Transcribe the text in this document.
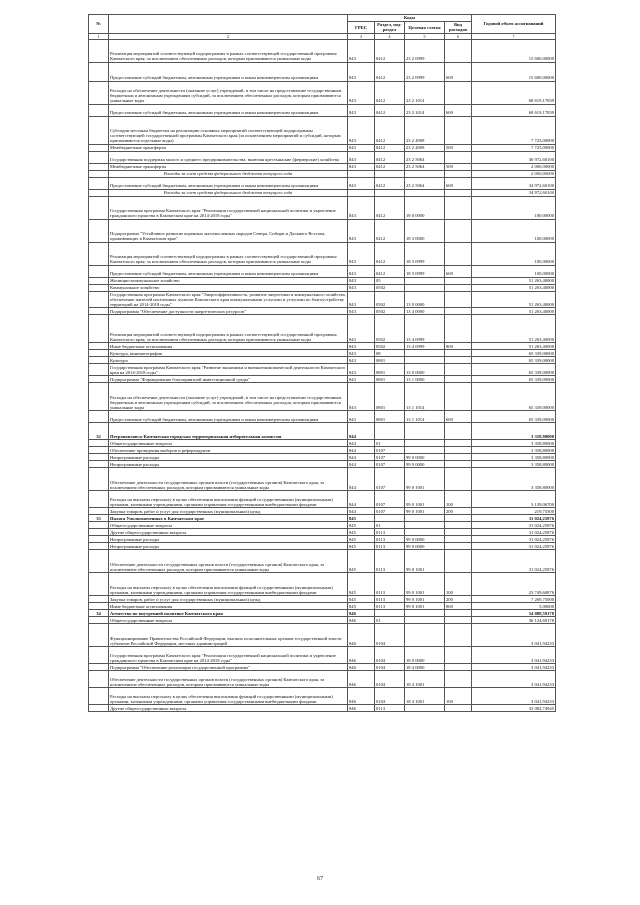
№		Коды				Годовой объем ассигнований
		ГРБС	Раздел, под-раздел	Целевая статья	Вид расходов	
1	2	3	4	5	6	7
	Реализация мероприятий соответствующей подпрограммы в рамках соответствующей государственной программы Камчатского края, за исключением обеспеченных расходов, которым присваиваются уникальные коды	843	0412	23 2 0999		15 600,00000
	Предоставление субсидий бюджетным, автономным учреждениям и иным некоммерческим организациям	843	0412	23 2 0999	600	15 600,00000
	Расходы на обеспечение деятельности (оказание услуг) учреждений, в том числе на предоставление государственным бюджетным и автономным учреждениям субсидий, за исключением обеспеченных расходов, которым присваиваются уникальные коды	843	0412	23 2 1014		68 619,17839
	Предоставление субсидий бюджетным, автономным учреждениям и иным некоммерческим организациям	843	0412	23 2 1014	600	68 619,17839
	Субсидии местным бюджетам на реализацию основных мероприятий соответствующей подпрограммы соответствующей государственной программы Камчатского края (за исключением мероприятий и субсидий, которым присваиваются отдельные коды)	843	0412	23 2 4008		7 725,00000
	Межбюджетные трансферты	843	0412	23 2 4008	500	7 725,00000
	Государственная поддержка малого и среднего предпринимательства, включая крестьянские (фермерские) хозяйства	843	0412	23 2 5064		36 972,60100
	Межбюджетные трансферты	843	0412	23 2 5064	500	2 000,00000
	Расходы за счет средств федерального бюджета текущего года					2 000,00000
	Предоставление субсидий бюджетным, автономным учреждениям и иным некоммерческим организациям	843	0412	23 2 5064	600	34 972,60100
	Расходы за счет средств федерального бюджета текущего года					34 972,60100
	Государственная программа Камчатского края "Реализация государственной национальной политики и укрепление гражданского единства в Камчатском крае на 2014-2018 годы"	843	0412	18 0 0000		100,00000
	Подпрограмма "Устойчивое развитие коренных малочисленных народов Севера, Сибири и Дальнего Востока, проживающих в Камчатском крае"	843	0412	18 3 0000		100,00000
	Реализация мероприятий соответствующей подпрограммы в рамках соответствующей государственной программы Камчатского края, за исключением обеспеченных расходов, которым присваиваются уникальные коды	843	0412	18 3 0999		100,00000
	Предоставление субсидий бюджетным, автономным учреждениям и иным некоммерческим организациям	843	0412	18 3 0999	600	100,00000
	Жилищно-коммунальное хозяйство	843	05			51 263,40000
	Коммунальное хозяйство	843	0502			51 263,40000
	Государственная программа Камчатского края "Энергоэффективность, развитие энергетики и коммунального хозяйства, обеспечение жителей населенных пунктов Камчатского края коммунальными услугами и услугами по благоустройству территорий на 2014-2018 годы"	843	0502	13 0 0000		51 263,40000
	Подпрограмма "Обеспечение доступности энергетических ресурсов"	843	0502	13 4 0000		51 263,40000
	Реализация мероприятий соответствующей подпрограммы в рамках соответствующей государственной программы Камчатского края, за исключением обеспеченных расходов, которым присваиваются уникальные коды	843	0502	13 4 0999		51 263,40000
	Иные бюджетные ассигнования	843	0502	13 4 0999	800	51 263,40000
	Культура, кинематография	843	08			65 339,00000
	Культура	843	0801			65 339,00000
	Государственная программа Камчатского края "Развитие экономики и внешнеэкономической деятельности Камчатского края на 2014-2018 годы"	843	0801	13 0 0000		65 339,00000
	Подпрограмма "Формирование благоприятной инвестиционной среды"	843	0801	13 1 0000		65 339,00000
	Расходы на обеспечение деятельности (оказание услуг) учреждений, в том числе на предоставление государственным бюджетным и автономным учреждениям субсидий, за исключением обеспеченных расходов, которым присваиваются уникальные коды	843	0801	13 1 1014		65 339,00000
	Предоставление субсидий бюджетным, автономным учреждениям и иным некоммерческим организациям	843	0801	13 1 1014	600	65 339,00000
32	Петропавловск-Камчатская городская территориальная избирательная комиссия	844				3 358,80000
	Общегосударственные вопросы	844	01			3 358,80000
	Обеспечение проведения выборов и референдумов	844	0107			3 358,80000
	Непрограммные расходы	844	0107	99 0 0000		3 358,80000
	Непрограммные расходы	844	0107	99 0 0000		3 358,80000
	Обеспечение деятельности государственных органов власти (государственных органов) Камчатского края, за исключением обеспеченных расходов, которым присваиваются уникальные коды	844	0107	99 0 1001		3 358,80000
	Расходы на выплаты персоналу в целях обеспечения выполнения функций государственными (муниципальными) органами, казенными учреждениями, органами управления государственными внебюджетными фондами	844	0107	99 0 1001	100	3 139,06700
	Закупка товаров, работ и услуг для государственных (муниципальных) нужд	844	0107	99 0 1001	200	219,73300
33	Палата Уполномоченных в Камчатском крае	845				31 024,25876
	Общегосударственные вопросы	845	01			31 024,25876
	Другие общегосударственные вопросы	845	0113			31 024,25876
	Непрограммные расходы	845	0113	99 0 0000		31 024,25876
	Непрограммные расходы	845	0113	99 0 0000		31 024,25876
	Обеспечение деятельности государственных органов власти (государственных органов) Камчатского края, за исключением обеспеченных расходов, которым присваиваются уникальные коды	845	0113	99 0 1001		31 024,25876
	Расходы на выплаты персоналу в целях обеспечения выполнения функций государственными (муниципальными) органами, казенными учреждениями, органами управления государственными внебюджетными фондами	845	0113	99 0 1001	100	23 749,60876
	Закупка товаров, работ и услуг для государственных (муниципальных) нужд	845	0113	99 0 1001	200	7 269,75000
	Иные бюджетные ассигнования	845	0113	99 0 1001	800	5,00000
34	Агентство по внутренней политике Камчатского края	846				54 088,59178
	Общегосударственные вопросы	846	01			36 124,69178
	Функционирование Правительства Российской Федерации, высших исполнительных органов государственной власти субъектов Российской Федерации, местных администраций	846	0104			3 041,94233
	Государственная программа Камчатского края "Реализация государственной национальной политики и укрепление гражданского единства в Камчатском крае на 2014-2018 годы"	846	0104	18 0 0000		3 041,94233
	Подпрограмма "Обеспечение реализации государственной программы"	846	0104	18 4 0000		3 041,94233
	Обеспечение деятельности государственных органов власти (государственных органов) Камчатского края, за исключением обеспеченных расходов, которым присваиваются уникальные коды	846	0104	18 4 1001		3 041,94233
	Расходы на выплаты персоналу в целях обеспечения выполнения функций государственными (муниципальными) органами, казенными учреждениями, органами управления государственными внебюджетными фондами	846	0104	18 4 1001	100	3 041,94233
	Другие общегосударственные вопросы	846	0113			33 082,74945
67
